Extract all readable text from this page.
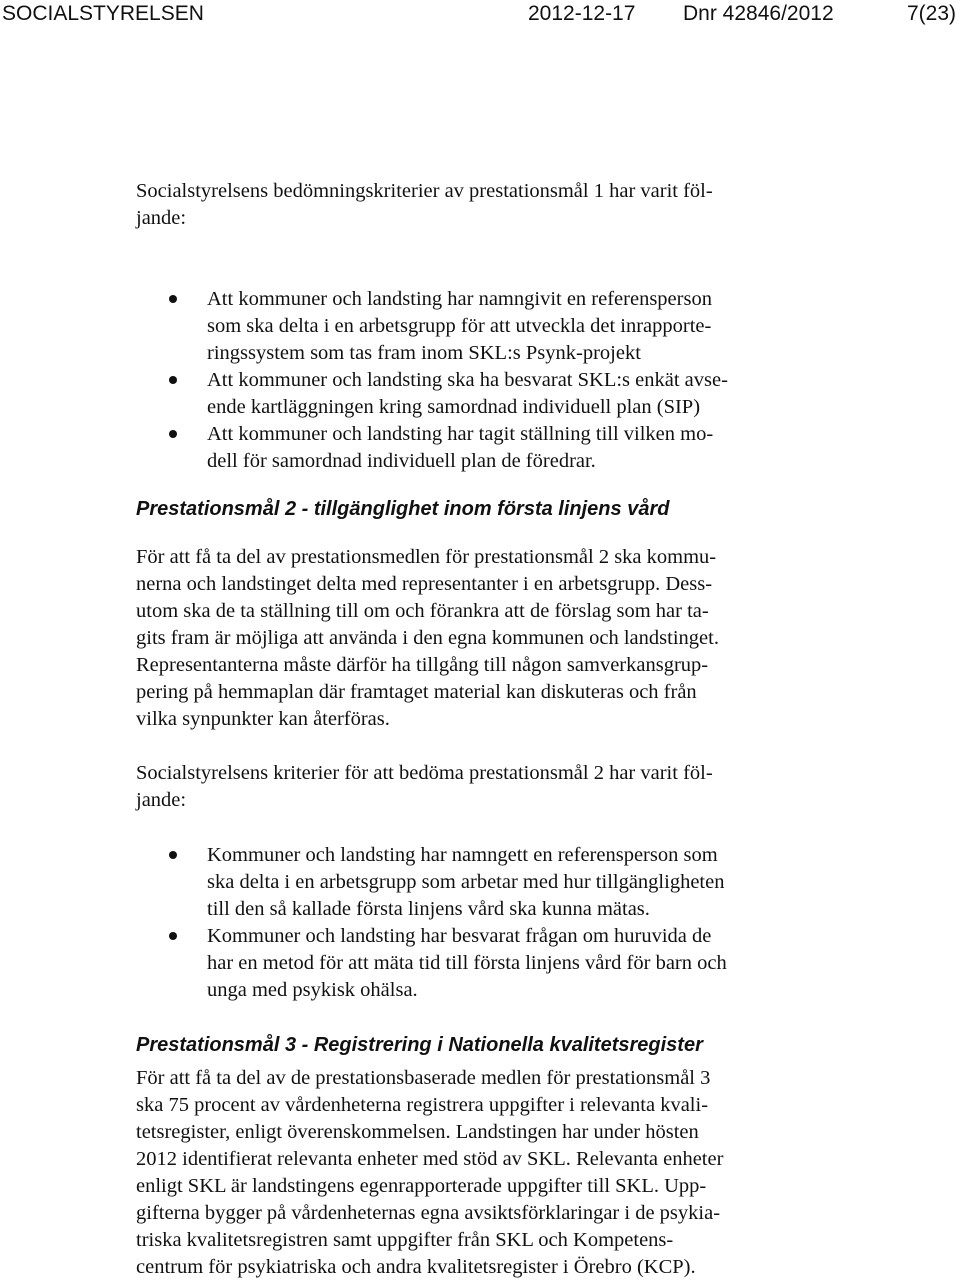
SOCIALSTYRELSEN	2012-12-17 Dnr 42846/2012	7(23)

Socialstyrelsens bedömningskriterier av prestationsmål 1 har varit föl-
jande:

Att kommuner och landsting har namngivit en referensperson
som ska delta i en arbetsgrupp för att utveckla det inrapporte-
ringssystem som tas fram inom SKL:s Psynk-projekt
Att kommuner och landsting ska ha besvarat SKL:s enkät avse-
ende kartläggningen kring samordnad individuell plan (SIP)
Att kommuner och landsting har tagit ställning till vilken mo-
dell för samordnad individuell plan de föredrar.
Prestationsmål 2 - tillgänglighet inom första linjens vård

För att få ta del av prestationsmedlen för prestationsmål 2 ska kommu-
nerna och landstinget delta med representanter i en arbetsgrupp. Dess-
utom ska de ta ställning till om och förankra att de förslag som har ta-
gits fram är möjliga att använda i den egna kommunen och landstinget.
Representanterna måste därför ha tillgång till någon samverkansgrup-
pering på hemmaplan där framtaget material kan diskuteras och från
vilka synpunkter kan återföras.

Socialstyrelsens kriterier för att bedöma prestationsmål 2 har varit föl-
jande:

Kommuner och landsting har namngett en referensperson som
ska delta i en arbetsgrupp som arbetar med hur tillgängligheten
till den så kallade första linjens vård ska kunna mätas.
Kommuner och landsting har besvarat frågan om huruvida de
har en metod för att mäta tid till första linjens vård för barn och
unga med psykisk ohälsa.
Prestationsmål 3 - Registrering i Nationella kvalitetsregister

För att få ta del av de prestationsbaserade medlen för prestationsmål 3
ska 75 procent av vårdenheterna registrera uppgifter i relevanta kvali-
tetsregister, enligt överenskommelsen. Landstingen har under hösten
2012 identifierat relevanta enheter med stöd av SKL. Relevanta enheter
enligt SKL är landstingens egenrapporterade uppgifter till SKL. Upp-
gifterna bygger på vårdenheternas egna avsiktsförklaringar i de psykia-
triska kvalitetsregistren samt uppgifter från SKL och Kompetens-
centrum för psykiatriska och andra kvalitetsregister i Örebro (KCP).
